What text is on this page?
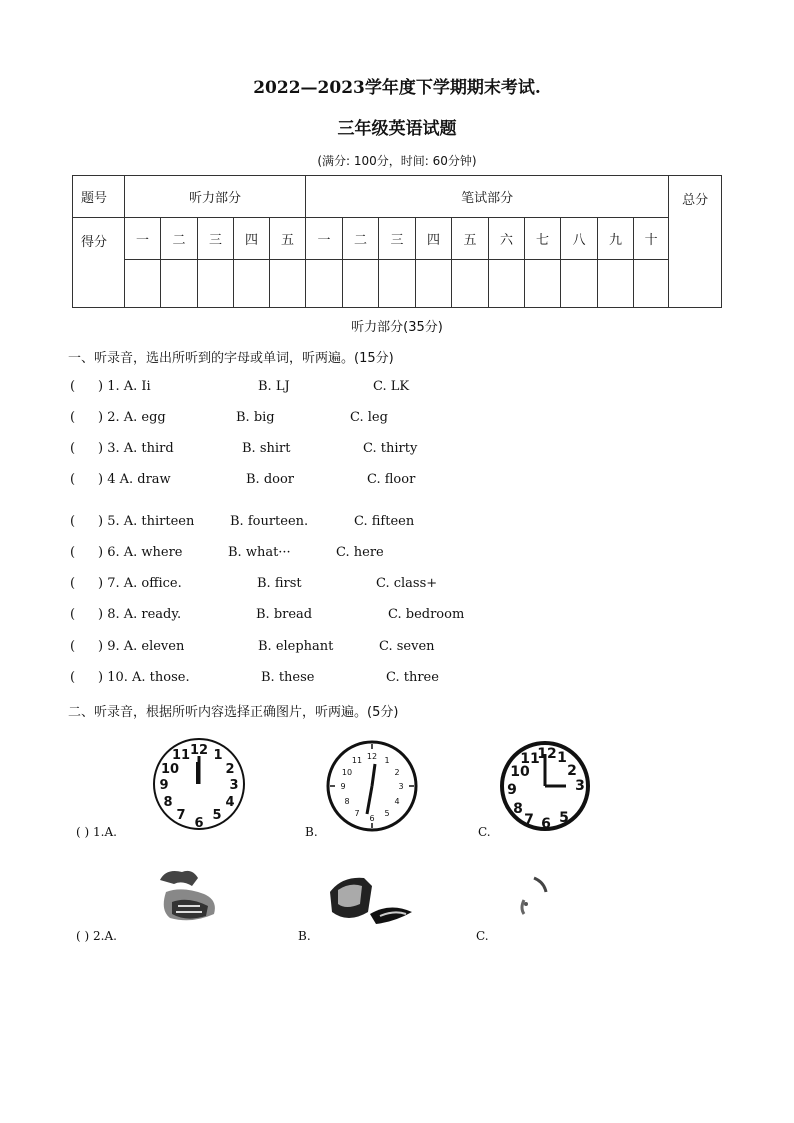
2022—2023学年度下学期期末考试.
三年级英语试题
(满分: 100分，时间: 60分钟)
题号	听力部分					笔试部分										总分
得分	一	二	三	四	五	一	二	三	四	五	六	七	八	九	十	

听力部分(35分)
一、听录音，选出所听到的字母或单词，听两遍。(15分)
( ) 1. A. Ii	B. LJ	C. LK
( ) 2. A. egg	B. big	C. leg
( ) 3. A. third	B. shirt	C. thirty
( ) 4 A. draw	B. door	C. floor
( ) 5. A. thirteen	B. fourteen.	C. fifteen
( ) 6. A. where	B. what···	C. here
( ) 7. A. office.	B. first	C. class+
( ) 8. A. ready.	B. bread	C. bedroom
( ) 9. A. eleven	B. elephant	C. seven
( ) 10. A. those.	B. these	C. three
二、听录音，根据所听内容选择正确图片，听两遍。(5分)
12 1
2
3
4
5
6
7
8
9
10
11	12 1
2
3
4
5
6
7
8
9
10
11	12 1
2
3
9
10
11
8
7 6 5
( ) 1.A.	B.	C.
( ) 2.A.	B.	C.
